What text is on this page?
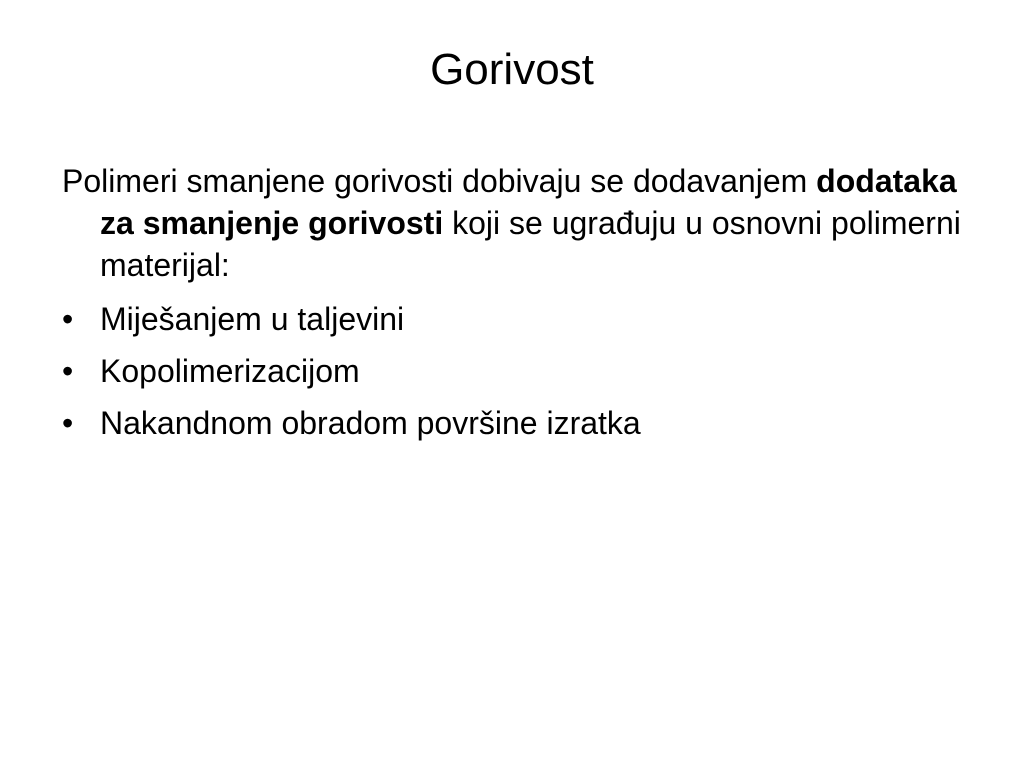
Gorivost

Polimeri smanjene gorivosti dobivaju se dodavanjem dodataka za smanjenje gorivosti koji se ugrađuju u osnovni polimerni materijal:

• Miješanjem u taljevini
• Kopolimerizacijom
• Nakandnom obradom površine izratka
